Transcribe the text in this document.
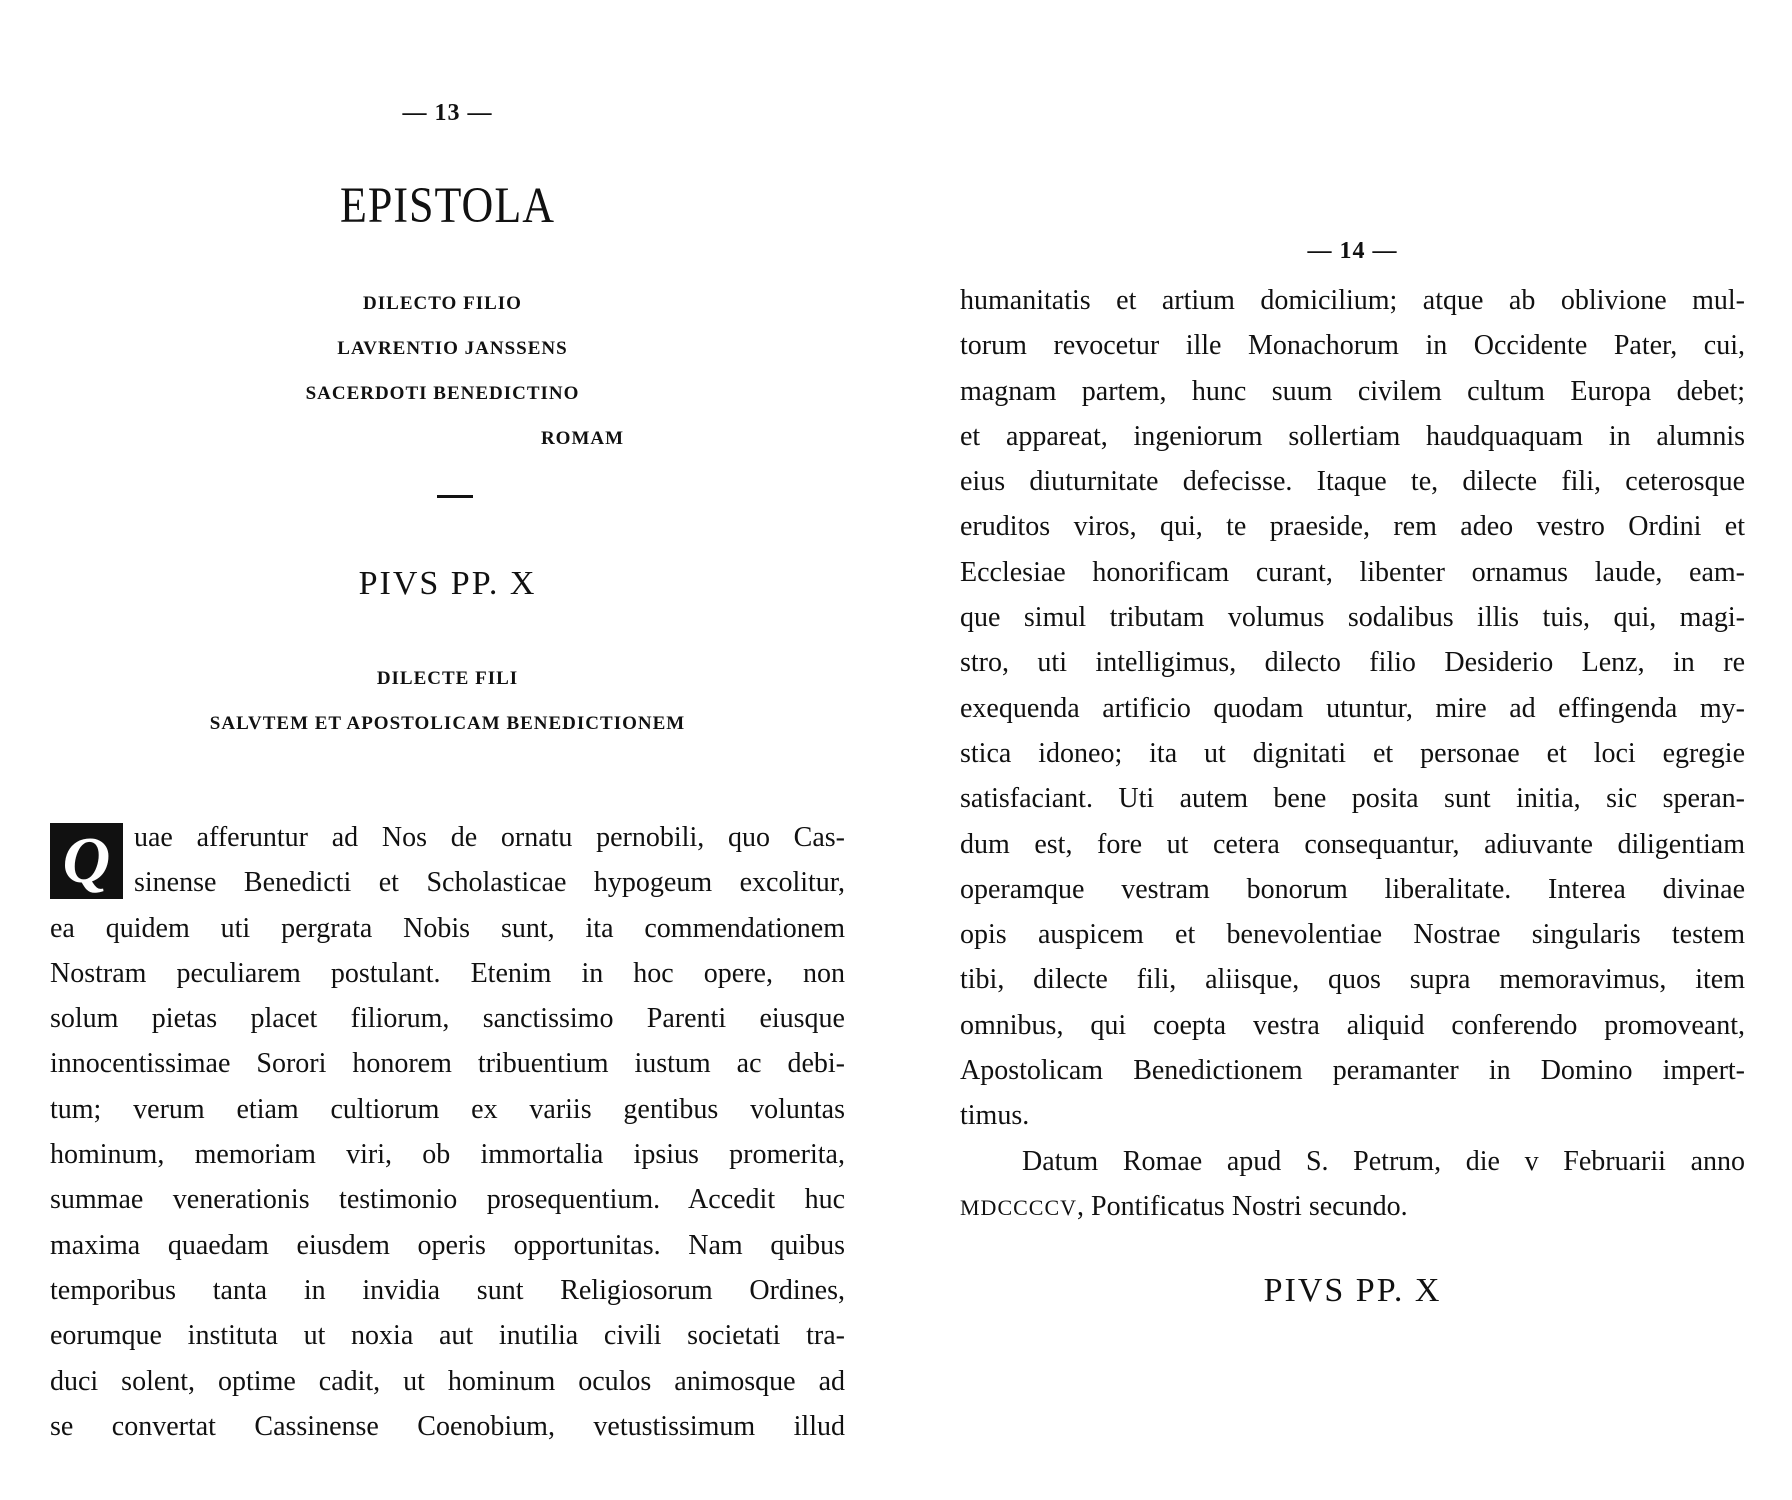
— 13 —
EPISTOLA
DILECTO FILIO
LAVRENTIO JANSSENS
SACERDOTI BENEDICTINO
ROMAM
PIVS PP. X
DILECTE FILI
SALVTEM ET APOSTOLICAM BENEDICTIONEM
Q uae afferuntur ad Nos de ornatu pernobili, quo Cas-
sinense Benedicti et Scholasticae hypogeum excolitur,
ea quidem uti pergrata Nobis sunt, ita commendationem
Nostram peculiarem postulant. Etenim in hoc opere, non
solum pietas placet filiorum, sanctissimo Parenti eiusque
innocentissimae Sorori honorem tribuentium iustum ac debi-
tum; verum etiam cultiorum ex variis gentibus voluntas
hominum, memoriam viri, ob immortalia ipsius promerita,
summae venerationis testimonio prosequentium. Accedit huc
maxima quaedam eiusdem operis opportunitas. Nam quibus
temporibus tanta in invidia sunt Religiosorum Ordines,
eorumque instituta ut noxia aut inutilia civili societati tra-
duci solent, optime cadit, ut hominum oculos animosque ad
se convertat Cassinense Coenobium, vetustissimum illud
— 14 —
humanitatis et artium domicilium; atque ab oblivione mul-
torum revocetur ille Monachorum in Occidente Pater, cui,
magnam partem, hunc suum civilem cultum Europa debet;
et appareat, ingeniorum sollertiam haudquaquam in alumnis
eius diuturnitate defecisse. Itaque te, dilecte fili, ceterosque
eruditos viros, qui, te praeside, rem adeo vestro Ordini et
Ecclesiae honorificam curant, libenter ornamus laude, eam-
que simul tributam volumus sodalibus illis tuis, qui, magi-
stro, uti intelligimus, dilecto filio Desiderio Lenz, in re
exequenda artificio quodam utuntur, mire ad effingenda my-
stica idoneo; ita ut dignitati et personae et loci egregie
satisfaciant. Uti autem bene posita sunt initia, sic speran-
dum est, fore ut cetera consequantur, adiuvante diligentiam
operamque vestram bonorum liberalitate. Interea divinae
opis auspicem et benevolentiae Nostrae singularis testem
tibi, dilecte fili, aliisque, quos supra memoravimus, item
omnibus, qui coepta vestra aliquid conferendo promoveant,
Apostolicam Benedictionem peramanter in Domino impert-
timus.
Datum Romae apud S. Petrum, die v Februarii anno
MDCCCCV, Pontificatus Nostri secundo.
PIVS PP. X
